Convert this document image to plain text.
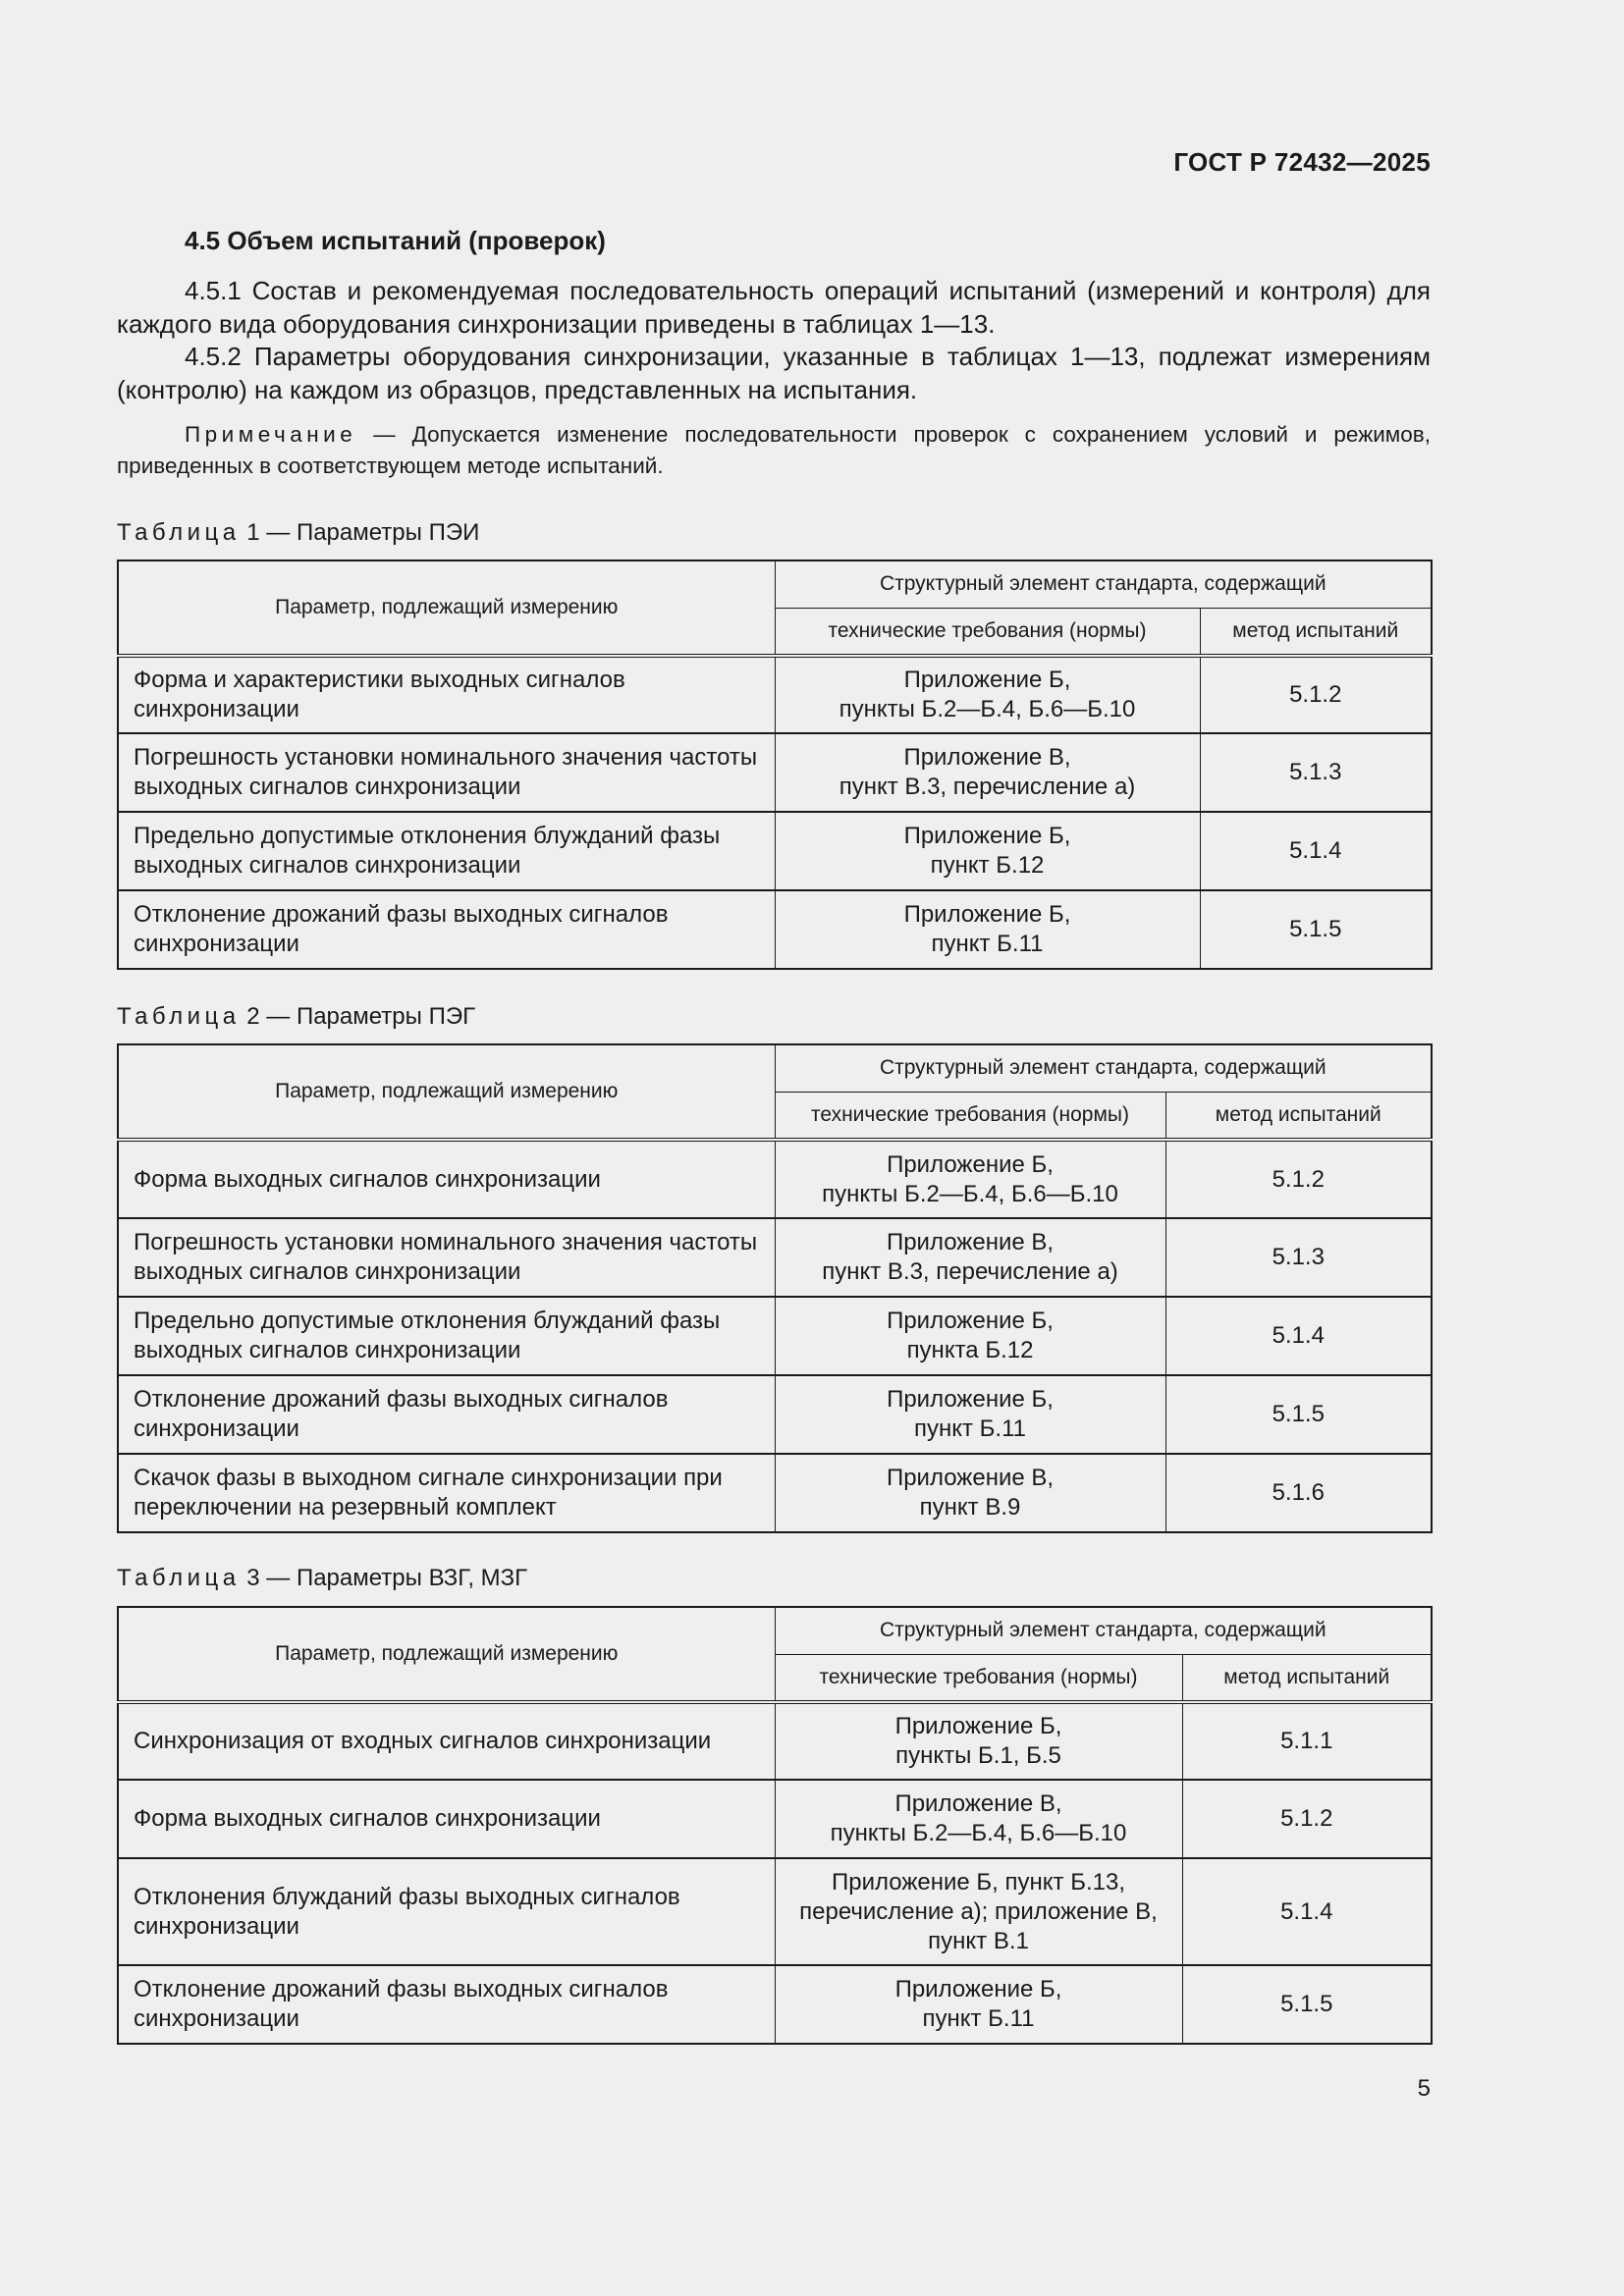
ГОСТ Р 72432—2025
4.5 Объем испытаний (проверок)

4.5.1 Состав и рекомендуемая последовательность операций испытаний (измерений и контроля) для каждого вида оборудования синхронизации приведены в таблицах 1—13.

4.5.2 Параметры оборудования синхронизации, указанные в таблицах 1—13, подлежат измерениям (контролю) на каждом из образцов, представленных на испытания.

Примечание — Допускается изменение последовательности проверок с сохранением условий и режимов, приведенных в соответствующем методе испытаний.

Таблица 1 — Параметры ПЭИ
Параметр, подлежащий измерению	Структурный элемент стандарта, содержащий	
	технические требования (нормы)	метод испытаний
Форма и характеристики выходных сигналов синхронизации	Приложение Б,
пункты Б.2—Б.4, Б.6—Б.10	5.1.2
Погрешность установки номинального значения частоты выходных сигналов синхронизации	Приложение В,
пункт В.3, перечисление а)	5.1.3
Предельно допустимые отклонения блужданий фазы выходных сигналов синхронизации	Приложение Б,
пункт Б.12	5.1.4
Отклонение дрожаний фазы выходных сигналов синхронизации	Приложение Б,
пункт Б.11	5.1.5
Таблица 2 — Параметры ПЭГ
Параметр, подлежащий измерению	Структурный элемент стандарта, содержащий	
	технические требования (нормы)	метод испытаний
Форма выходных сигналов синхронизации	Приложение Б,
пункты Б.2—Б.4, Б.6—Б.10	5.1.2
Погрешность установки номинального значения частоты выходных сигналов синхронизации	Приложение В,
пункт В.3, перечисление а)	5.1.3
Предельно допустимые отклонения блужданий фазы выходных сигналов синхронизации	Приложение Б,
пункта Б.12	5.1.4
Отклонение дрожаний фазы выходных сигналов синхронизации	Приложение Б,
пункт Б.11	5.1.5
Скачок фазы в выходном сигнале синхронизации при переключении на резервный комплект	Приложение В,
пункт В.9	5.1.6
Таблица 3 — Параметры ВЗГ, МЗГ
Параметр, подлежащий измерению	Структурный элемент стандарта, содержащий	
	технические требования (нормы)	метод испытаний
Синхронизация от входных сигналов синхронизации	Приложение Б,
пункты Б.1, Б.5	5.1.1
Форма выходных сигналов синхронизации	Приложение В,
пункты Б.2—Б.4, Б.6—Б.10	5.1.2
Отклонения блужданий фазы выходных сигналов синхронизации	Приложение Б, пункт Б.13,
перечисление а); приложение В,
пункт В.1	5.1.4
Отклонение дрожаний фазы выходных сигналов синхронизации	Приложение Б,
пункт Б.11	5.1.5
5
